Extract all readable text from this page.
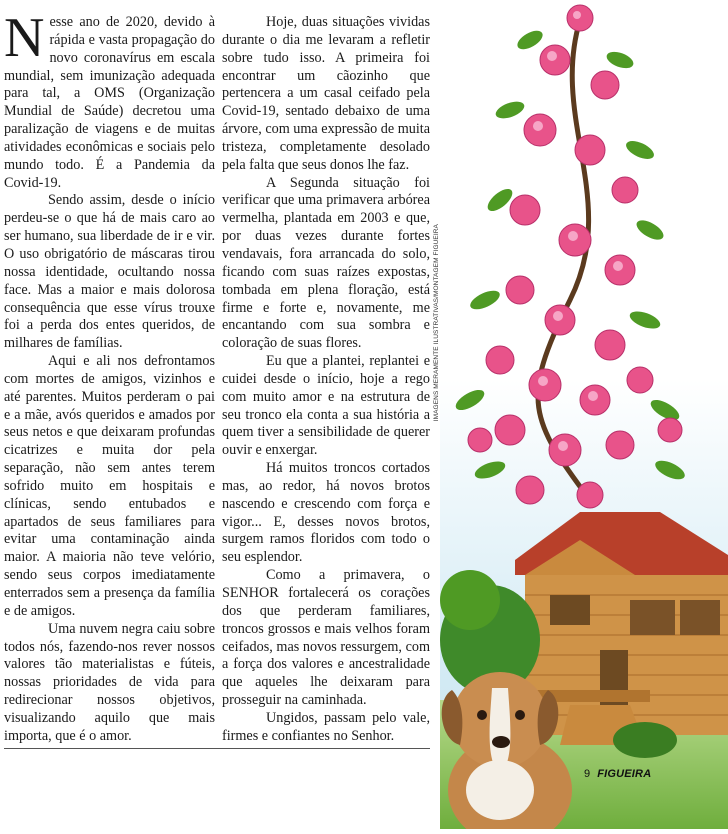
Nesse ano de 2020, devido à rápida e vasta propagação do novo coronavírus em escala mundial, sem imunização adequada para tal, a OMS (Organização Mundial de Saúde) decretou uma paralização de viagens e de muitas atividades econômicas e sociais pelo mundo todo. É a Pandemia da Covid-19.

Sendo assim, desde o início perdeu-se o que há de mais caro ao ser humano, sua liberdade de ir e vir. O uso obrigatório de máscaras tirou nossa identidade, ocultando nossa face. Mas a maior e mais dolorosa consequência que esse vírus trouxe foi a perda dos entes queridos, de milhares de famílias.

Aqui e ali nos defrontamos com mortes de amigos, vizinhos e até parentes. Muitos perderam o pai e a mãe, avós queridos e amados por seus netos e que deixaram profundas cicatrizes e muita dor pela separação, não sem antes terem sofrido muito em hospitais e clínicas, sendo entubados e apartados de seus familiares para evitar uma contaminação ainda maior. A maioria não teve velório, sendo seus corpos imediatamente enterrados sem a presença da família e de amigos.

Uma nuvem negra caiu sobre todos nós, fazendo-nos rever nossos valores tão materialistas e fúteis, nossas prioridades de vida para redirecionar nossos objetivos, visualizando aquilo que mais importa, que é o amor.

Hoje, duas situações vividas durante o dia me levaram a refletir sobre tudo isso. A primeira foi encontrar um cãozinho que pertencera a um casal ceifado pela Covid-19, sentado debaixo de uma árvore, com uma expressão de muita tristeza, completamente desolado pela falta que seus donos lhe faz.

A Segunda situação foi verificar que uma primavera arbórea vermelha, plantada em 2003 e que, por duas vezes durante fortes vendavais, fora arrancada do solo, ficando com suas raízes expostas, tombada em plena floração, está firme e forte e, novamente, me encantando com sua sombra e coloração de suas flores.

Eu que a plantei, replantei e cuidei desde o início, hoje a rego com muito amor e na estrutura de seu tronco ela conta a sua história a quem tiver a sensibilidade de querer ouvir e enxergar.

Há muitos troncos cortados mas, ao redor, há novos brotos nascendo e crescendo com força e vigor... E, desses novos brotos, surgem ramos floridos com todo o seu esplendor.

Como a primavera, o SENHOR fortalecerá os corações dos que perderam familiares, troncos grossos e mais velhos foram ceifados, mas novos ressurgem, com a força dos valores e ancestralidade que aqueles lhe deixaram para prosseguir na caminhada.

Ungidos, passam pelo vale, firmes e confiantes no Senhor.

IMAGENS MERAMENTE ILUSTRATIVAS/MONTAGEM FIGUEIRA
9 FIGUEIRA
